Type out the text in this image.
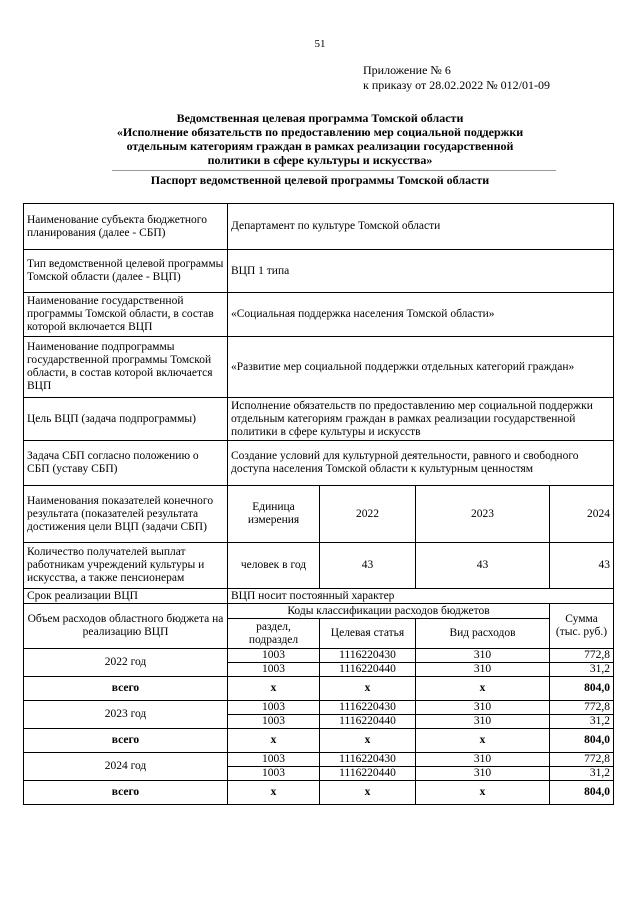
51
Приложение № 6
к приказу от 28.02.2022 № 012/01-09
Ведомственная целевая программа Томской области
«Исполнение обязательств по предоставлению мер социальной поддержки
отдельным категориям граждан в рамках реализации государственной
политики в сфере культуры и искусства»
Паспорт ведомственной целевой программы Томской области
Наименование субъекта бюджетного планирования (далее - СБП)	Департамент по культуре Томской области			
Тип ведомственной целевой программы Томской области (далее - ВЦП)	ВЦП 1 типа			
Наименование государственной программы Томской области, в состав которой включается ВЦП	«Социальная поддержка населения Томской области»			
Наименование подпрограммы государственной программы Томской области, в состав которой включается ВЦП	«Развитие мер социальной поддержки отдельных категорий граждан»			
Цель ВЦП (задача подпрограммы)	Исполнение обязательств по предоставлению мер социальной поддержки отдельным категориям граждан в рамках реализации государственной политики в сфере культуры и искусств			
Задача СБП согласно положению о СБП (уставу СБП)	Создание условий для культурной деятельности, равного и свободного доступа населения Томской области к культурным ценностям			
Наименования показателей конечного результата (показателей результата достижения цели ВЦП (задачи СБП)	Единица измерения	2022	2023	2024
Количество получателей выплат работникам учреждений культуры и искусства, а также пенсионерам	человек в год	43	43	43
Срок реализации ВЦП	ВЦП носит постоянный характер			
Объем расходов областного бюджета на реализацию ВЦП	Коды классификации расходов бюджетов			Сумма (тыс. руб.)
	раздел, подраздел	Целевая статья	Вид расходов	
2022 год	1003	1116220430	310	772,8
	1003	1116220440	310	31,2
всего	x	x	x	804,0
2023 год	1003	1116220430	310	772,8
	1003	1116220440	310	31,2
всего	x	x	x	804,0
2024 год	1003	1116220430	310	772,8
	1003	1116220440	310	31,2
всего	x	x	x	804,0
